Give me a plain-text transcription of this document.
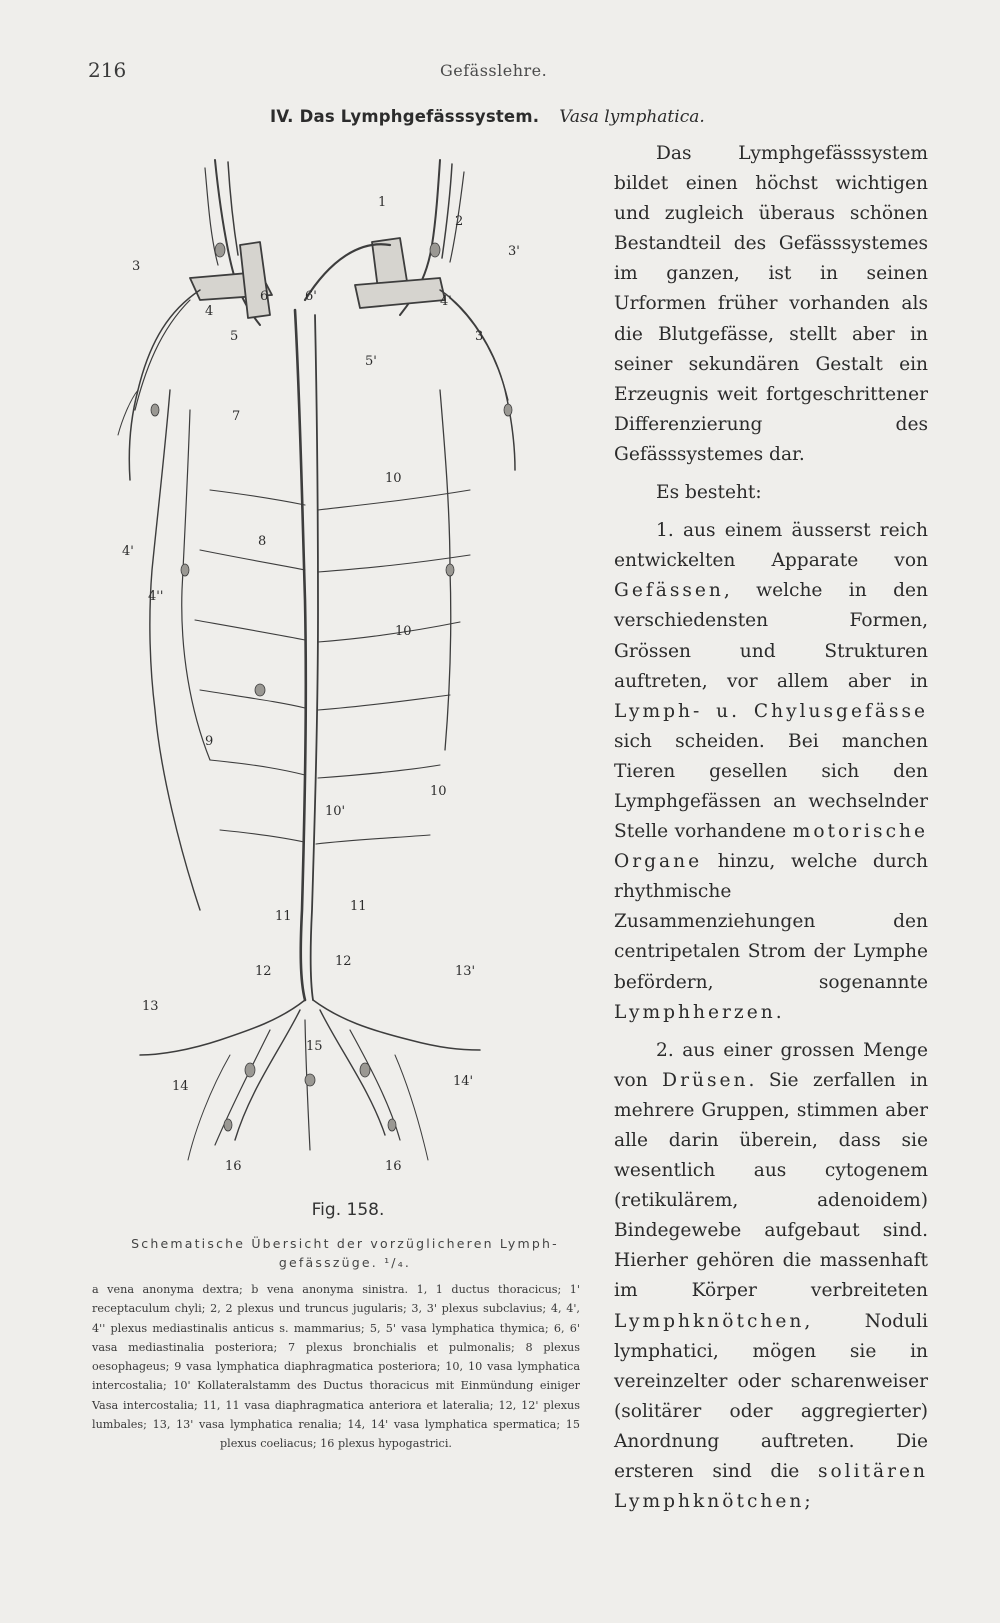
216	Gefässlehre.
IV. Das Lymphgefässsystem. Vasa lymphatica.
1
2
3
3'
3
4
4'
4'
4''
5
5'
6	6'
7
8
9
10
10
10
10'
11
11
12
12
13
13'
14	14'
15
16	16
Fig. 158.
Schematische Übersicht der vorzüglicheren Lymph-
gefässzüge. ¹/₄.
a vena anonyma dextra; b vena anonyma sinistra. 1, 1 ductus thoracicus; 1' receptaculum chyli; 2, 2 plexus und truncus jugularis; 3, 3' plexus subclavius; 4, 4', 4'' plexus mediastinalis anticus s. mammarius; 5, 5' vasa lymphatica thymica; 6, 6' vasa mediastinalia posteriora; 7 plexus bronchialis et pulmonalis; 8 plexus oesophageus; 9 vasa lymphatica diaphragmatica posteriora; 10, 10 vasa lymphatica intercostalia; 10' Kollateralstamm des Ductus thoracicus mit Einmündung einiger Vasa intercostalia; 11, 11 vasa diaphragmatica anteriora et lateralia; 12, 12' plexus lumbales; 13, 13' vasa lymphatica renalia; 14, 14' vasa lymphatica spermatica; 15 plexus coeliacus; 16 plexus hypogastrici.

Das Lymphgefässsystem bildet einen höchst wichtigen und zugleich überaus schönen Bestandteil des Gefässsystemes im ganzen, ist in seinen Urformen früher vorhanden als die Blutgefässe, stellt aber in seiner sekundären Gestalt ein Erzeugnis weit fortgeschrittener Differenzierung des Gefässsystemes dar.

Es besteht:

1. aus einem äusserst reich entwickelten Apparate von Gefässen, welche in den verschiedensten Formen, Grössen und Strukturen auftreten, vor allem aber in Lymph- u. Chylusgefässe sich scheiden. Bei manchen Tieren gesellen sich den Lymphgefässen an wechselnder Stelle vorhandene motorische Organe hinzu, welche durch rhythmische Zusammenziehungen den centripetalen Strom der Lymphe befördern, sogenannte Lymphherzen.

2. aus einer grossen Menge von Drüsen. Sie zerfallen in mehrere Gruppen, stimmen aber alle darin überein, dass sie wesentlich aus cytogenem (retikulärem, adenoidem) Bindegewebe aufgebaut sind. Hierher gehören die massenhaft im Körper verbreiteten Lymphknötchen, Noduli lymphatici, mögen sie in vereinzelter oder scharenweiser (solitärer oder aggregierter) Anordnung auftreten. Die ersteren sind die solitären Lymphknötchen;
